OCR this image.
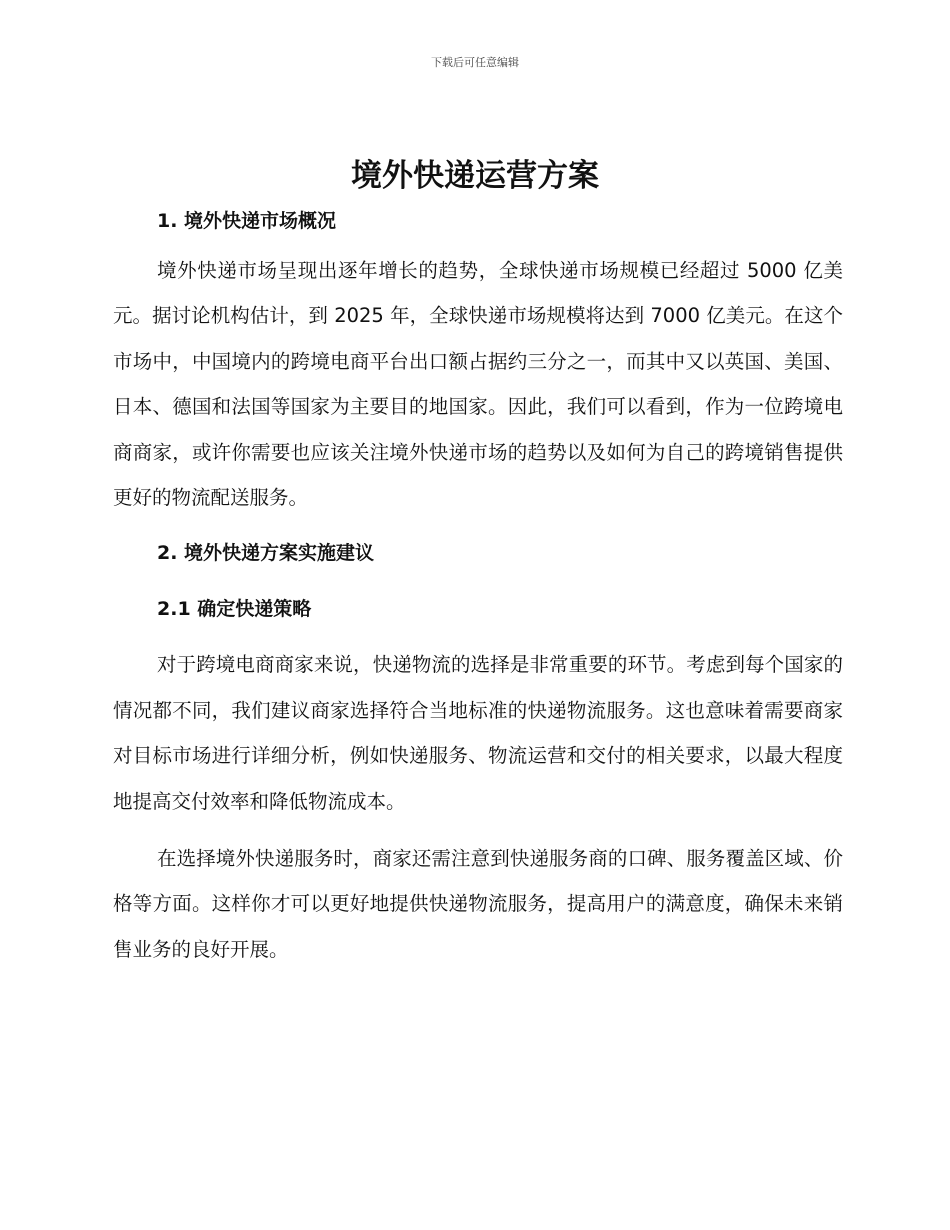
下载后可任意编辑
境外快递运营方案

1. 境外快递市场概况

境外快递市场呈现出逐年增长的趋势，全球快递市场规模已经超过 5000 亿美元。据讨论机构估计，到 2025 年，全球快递市场规模将达到 7000 亿美元。在这个市场中，中国境内的跨境电商平台出口额占据约三分之一，而其中又以英国、美国、日本、德国和法国等国家为主要目的地国家。因此，我们可以看到，作为一位跨境电商商家，或许你需要也应该关注境外快递市场的趋势以及如何为自己的跨境销售提供更好的物流配送服务。

2. 境外快递方案实施建议

2.1 确定快递策略

对于跨境电商商家来说，快递物流的选择是非常重要的环节。考虑到每个国家的情况都不同，我们建议商家选择符合当地标准的快递物流服务。这也意味着需要商家对目标市场进行详细分析，例如快递服务、物流运营和交付的相关要求，以最大程度地提高交付效率和降低物流成本。

在选择境外快递服务时，商家还需注意到快递服务商的口碑、服务覆盖区域、价格等方面。这样你才可以更好地提供快递物流服务，提高用户的满意度，确保未来销售业务的良好开展。
